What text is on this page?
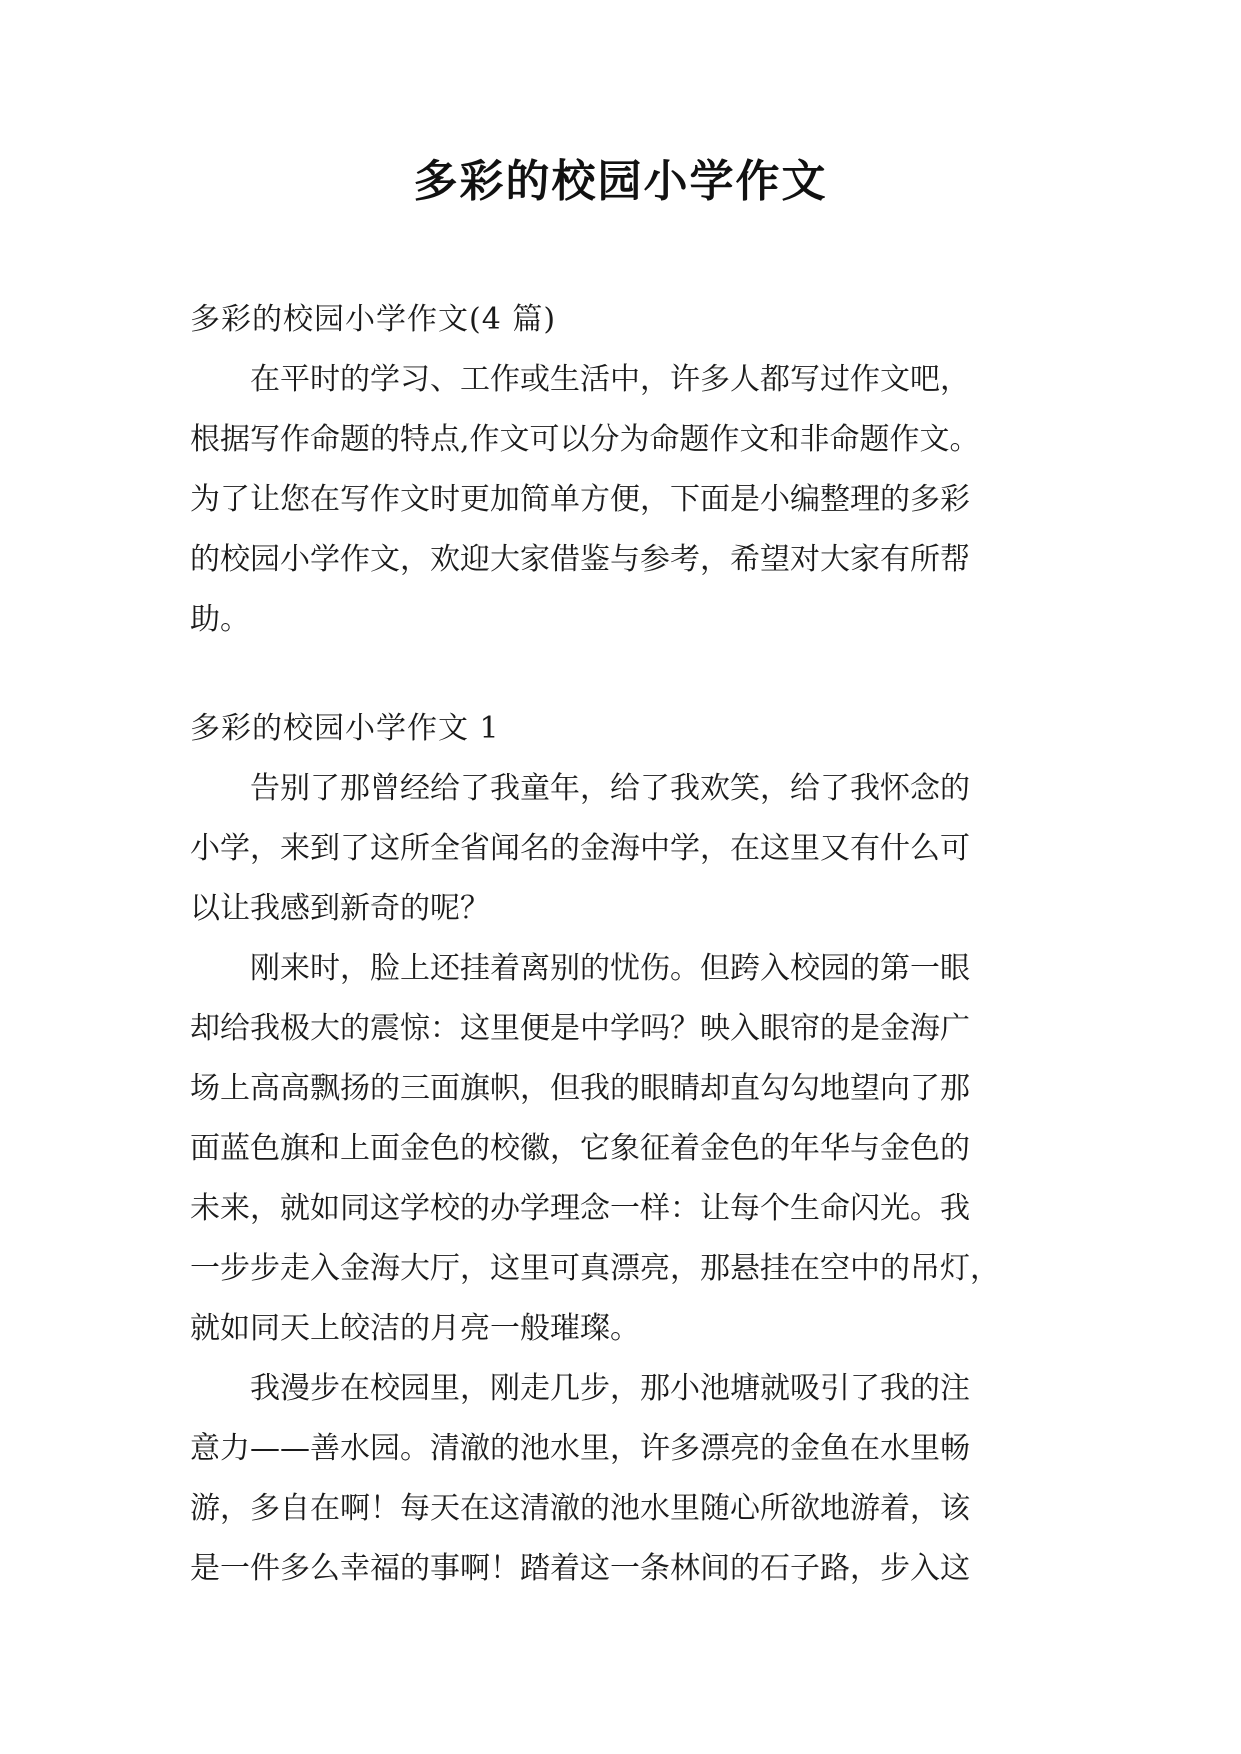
多彩的校园小学作文
多彩的校园小学作文(4 篇)
　　在平时的学习、工作或生活中，许多人都写过作文吧，
根据写作命题的特点,作文可以分为命题作文和非命题作文。
为了让您在写作文时更加简单方便，下面是小编整理的多彩
的校园小学作文，欢迎大家借鉴与参考，希望对大家有所帮
助。
多彩的校园小学作文 1
　　告别了那曾经给了我童年，给了我欢笑，给了我怀念的
小学，来到了这所全省闻名的金海中学，在这里又有什么可
以让我感到新奇的呢？
　　刚来时，脸上还挂着离别的忧伤。但跨入校园的第一眼
却给我极大的震惊：这里便是中学吗？映入眼帘的是金海广
场上高高飘扬的三面旗帜，但我的眼睛却直勾勾地望向了那
面蓝色旗和上面金色的校徽，它象征着金色的年华与金色的
未来，就如同这学校的办学理念一样：让每个生命闪光。我
一步步走入金海大厅，这里可真漂亮，那悬挂在空中的吊灯，
就如同天上皎洁的月亮一般璀璨。
　　我漫步在校园里，刚走几步，那小池塘就吸引了我的注
意力——善水园。清澈的池水里，许多漂亮的金鱼在水里畅
游，多自在啊！每天在这清澈的池水里随心所欲地游着，该
是一件多么幸福的事啊！踏着这一条林间的石子路，步入这
